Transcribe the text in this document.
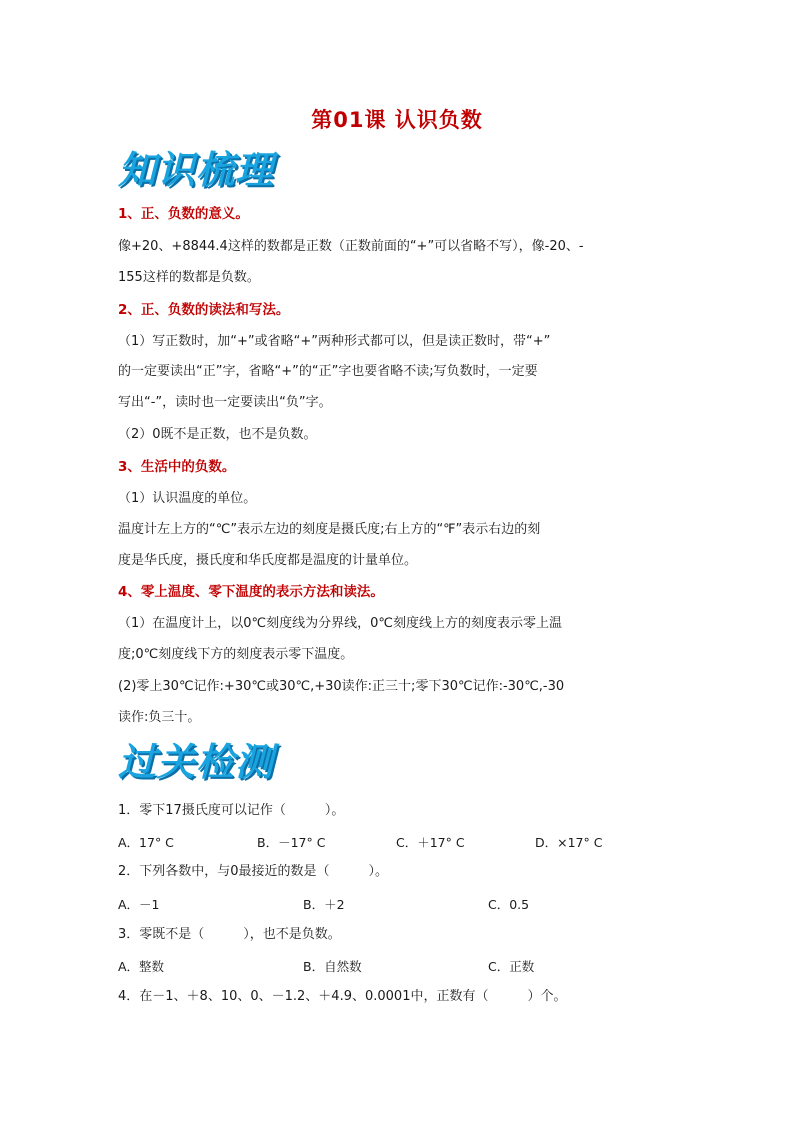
第01课 认识负数
知识梳理
1、正、负数的意义。
像+20、+8844.4这样的数都是正数（正数前面的“+”可以省略不写），像-20、-
155这样的数都是负数。
2、正、负数的读法和写法。
（1）写正数时，加“+”或省略“+”两种形式都可以，但是读正数时，带“+”
的一定要读出“正”字，省略“+”的“正”字也要省略不读;写负数时，一定要
写出“-”，读时也一定要读出“负”字。
（2）0既不是正数，也不是负数。
3、生活中的负数。
（1）认识温度的单位。
温度计左上方的“℃”表示左边的刻度是摄氏度;右上方的“℉”表示右边的刻
度是华氏度，摄氏度和华氏度都是温度的计量单位。
4、零上温度、零下温度的表示方法和读法。
（1）在温度计上，以0℃刻度线为分界线，0℃刻度线上方的刻度表示零上温
度;0℃刻度线下方的刻度表示零下温度。
(2)零上30℃记作:+30℃或30℃,+30读作:正三十;零下30℃记作:-30℃,-30
读作:负三十。
过关检测
1．零下17摄氏度可以记作（　　　）。
A．17° C	B．－17° C	C．＋17° C	D．×17° C
2．下列各数中，与0最接近的数是（　　　）。
A．－1	B．＋2	C．0.5
3．零既不是（　　　），也不是负数。
A．整数	B．自然数	C．正数
4．在－1、＋8、10、0、－1.2、＋4.9、0.0001中，正数有（　　　）个。
